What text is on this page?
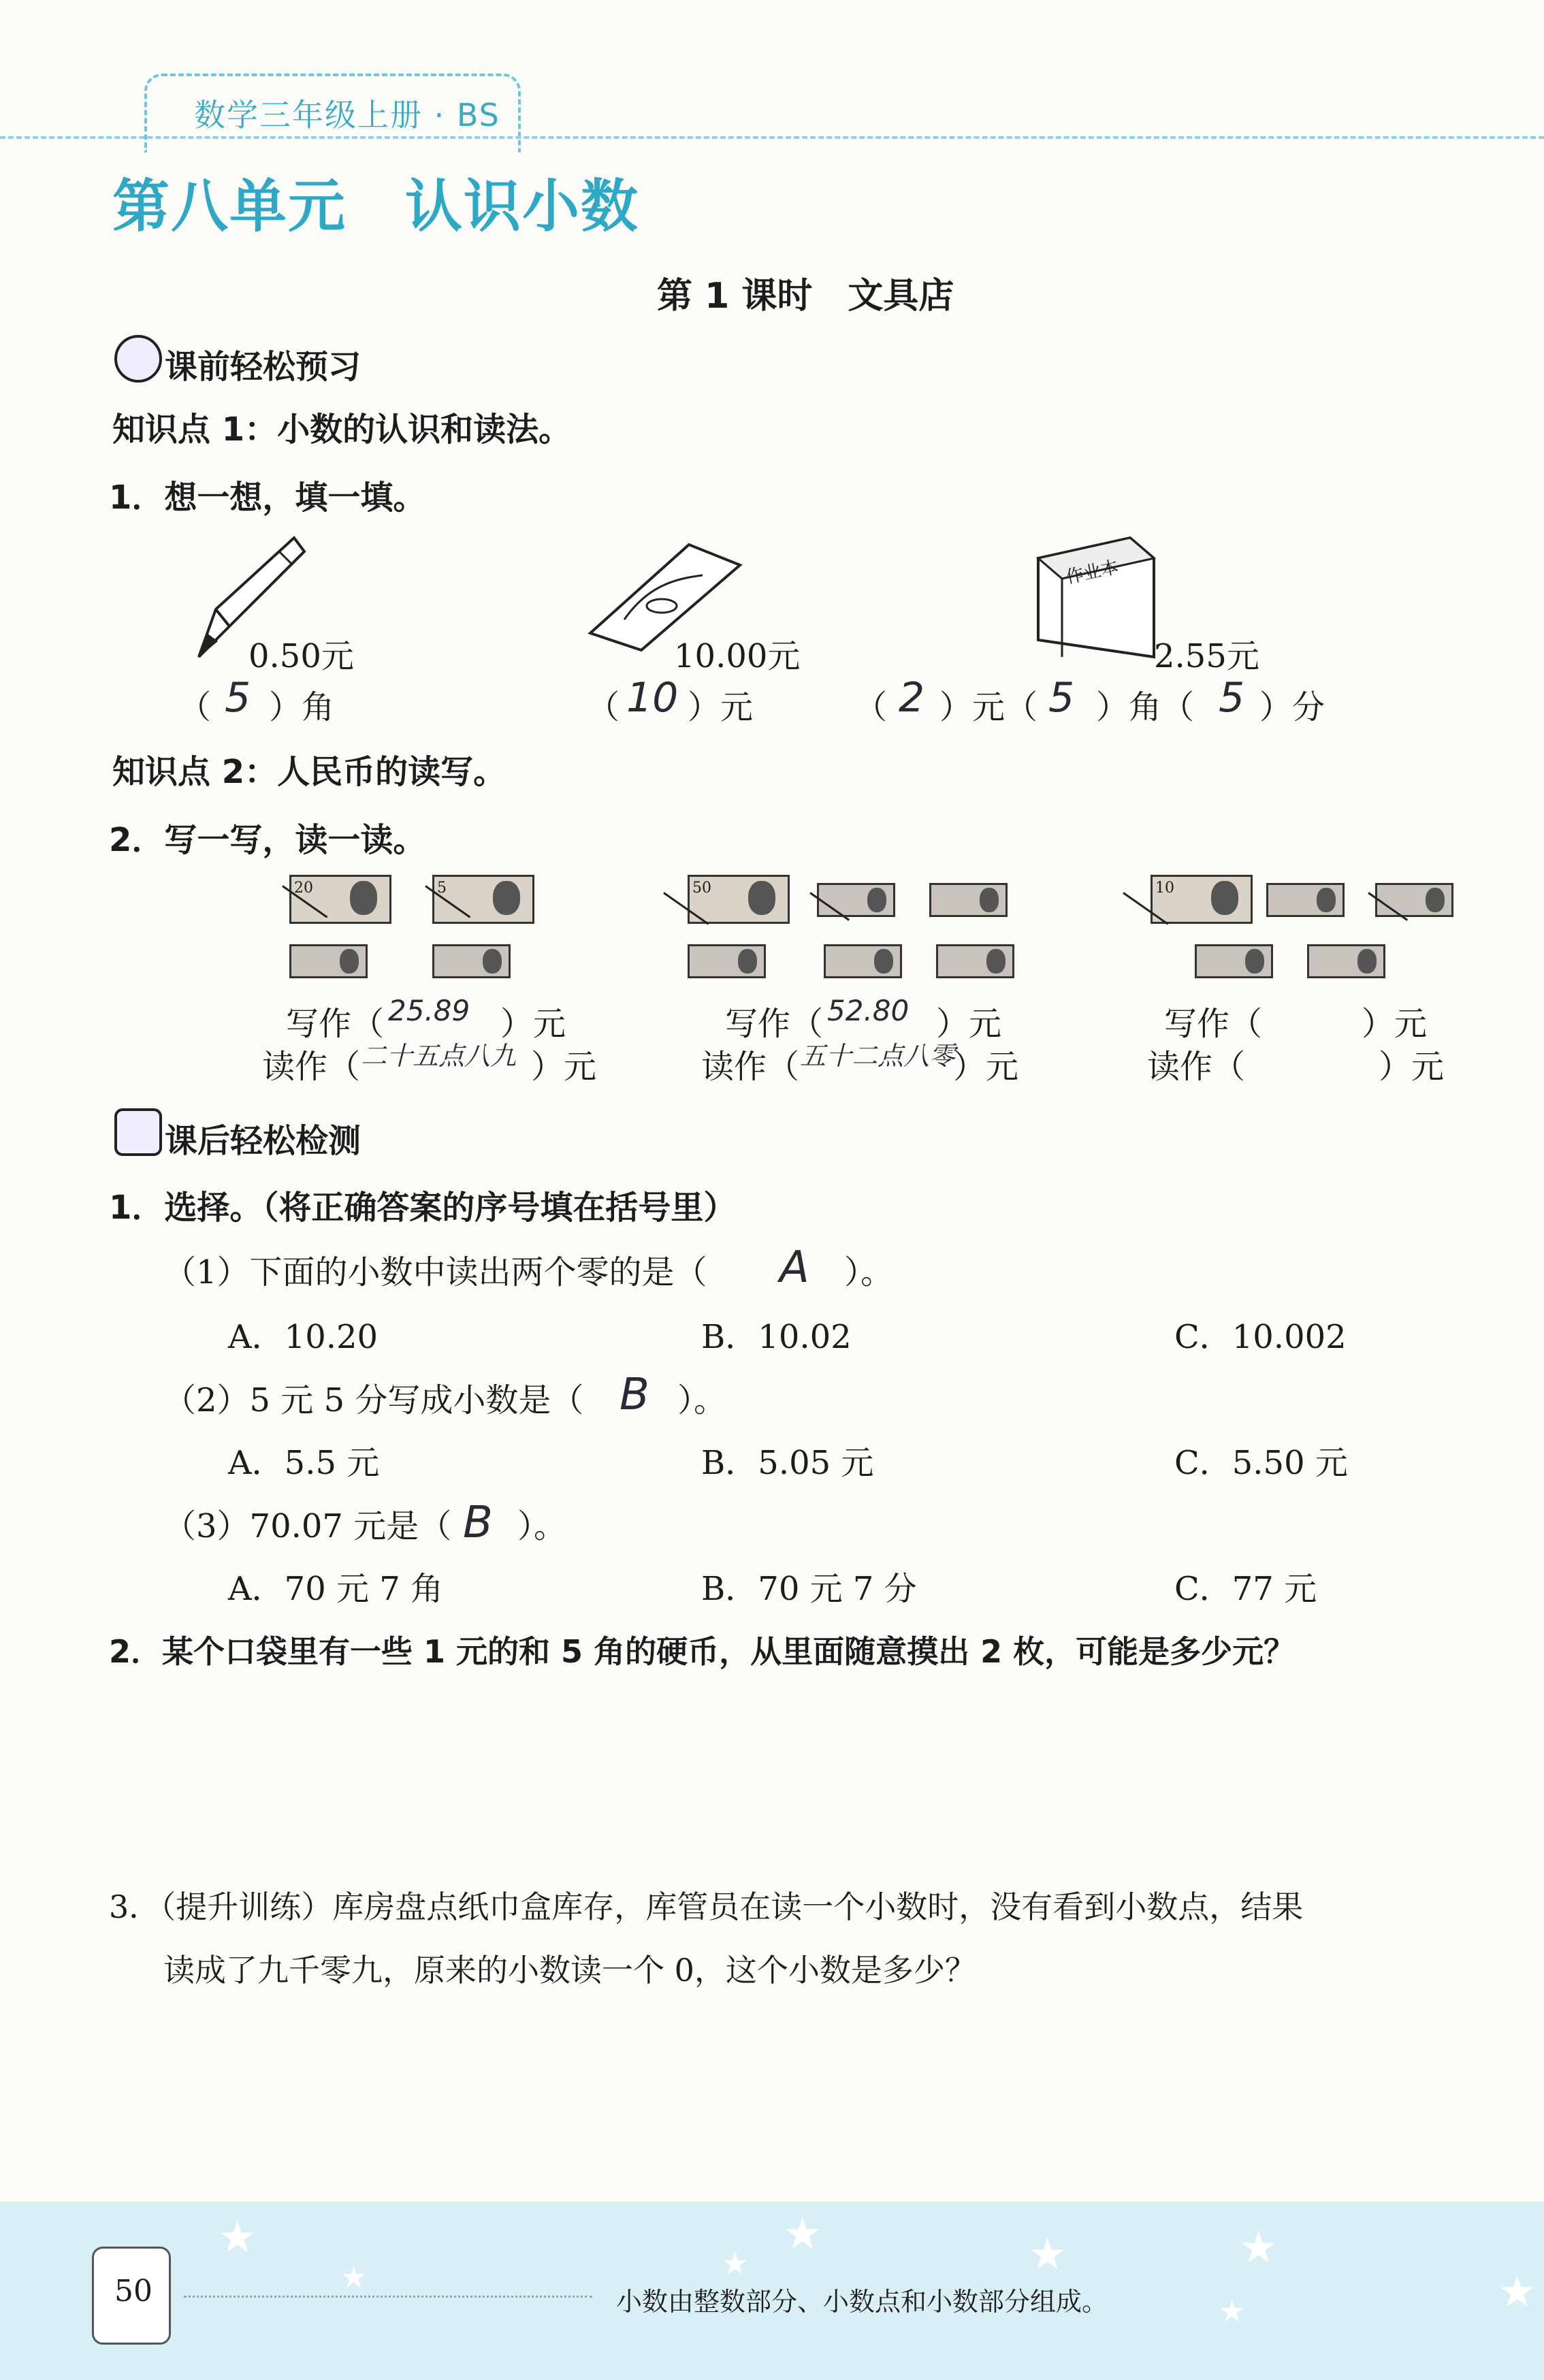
数学三年级上册 · BS
第八单元　认识小数
第 1 课时　文具店
课前轻松预习
知识点 1：小数的认识和读法。
1．想一想，填一填。
0.50元
（ 5 ）角
10.00元
（ 10 ）元
作业本
2.55元
（ 2 ）元（ 5 ）角（ 5 ）分
知识点 2：人民币的读写。
2．写一写，读一读。
20	5	50	10
写作（ 25.89 ）元
读作（ 二十五点八九 ）元
写作（ 52.80 ）元
读作（ 五十二点八零
）元
写作（	）元
读作（	）元
课后轻松检测
1．选择。（将正确答案的序号填在括号里）
（1）下面的小数中读出两个零的是（ A ）。
A．10.20	B．10.02	C．10.002
（2）5 元 5 分写成小数是（ B ）。
A．5.5 元	B．5.05 元	C．5.50 元
（3）70.07 元是（ B ）。
A．70 元 7 角	B．70 元 7 分	C．77 元
2．某个口袋里有一些 1 元的和 5 角的硬币，从里面随意摸出 2 枚，可能是多少元？
3．（提升训练）库房盘点纸巾盒库存，库管员在读一个小数时，没有看到小数点，结果
读成了九千零九，原来的小数读一个 0，这个小数是多少？
★	★	★	★
★
★	★
★
50	小数由整数部分、小数点和小数部分组成。
